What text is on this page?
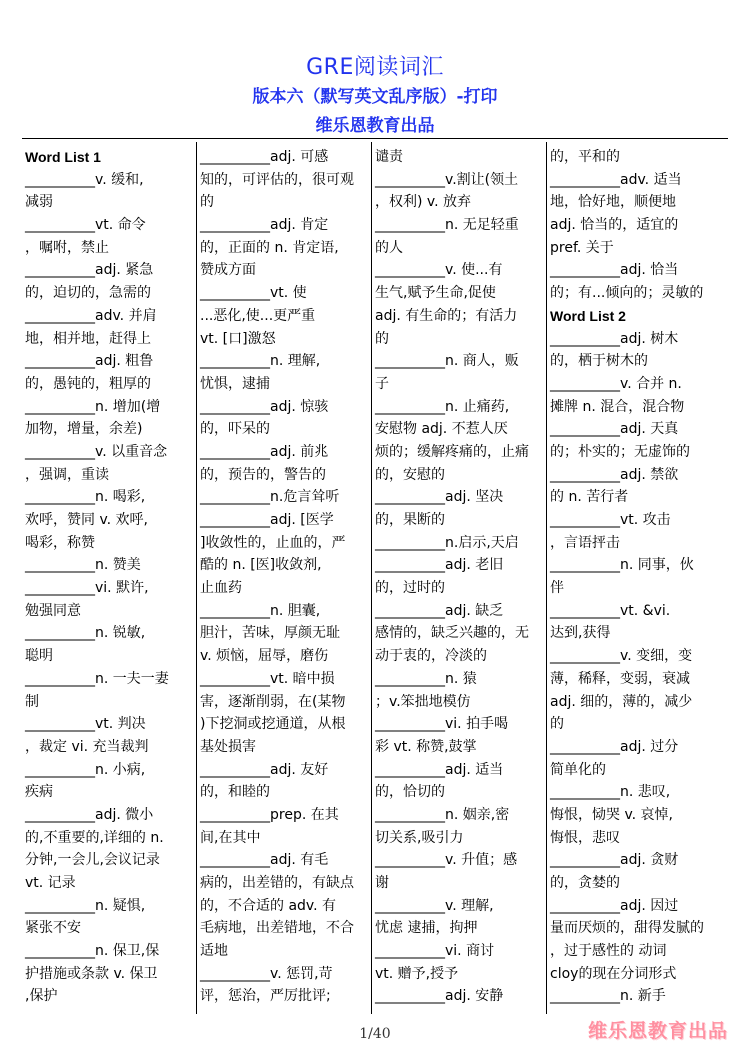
GRE阅读词汇
版本六（默写英文乱序版）-打印
维乐恩教育出品
Word List 1
__________v. 缓和,
减弱
__________vt. 命令
，嘱咐，禁止
__________adj. 紧急
的，迫切的，急需的
__________adv. 并肩
地，相并地，赶得上
__________adj. 粗鲁
的，愚钝的，粗厚的
__________n. 增加(增
加物，增量，余差)
__________v. 以重音念
，强调，重读
__________n. 喝彩,
欢呼，赞同 v. 欢呼,
喝彩，称赞
__________n. 赞美
__________vi. 默许,
勉强同意
__________n. 锐敏,
聪明
__________n. 一夫一妻
制
__________vt. 判决
，裁定 vi. 充当裁判
__________n. 小病,
疾病
__________adj. 微小
的,不重要的,详细的 n.
分钟,一会儿,会议记录
vt. 记录
__________n. 疑惧,
紧张不安
__________n. 保卫,保
护措施或条款 v. 保卫
,保护
__________adj. 可感
知的，可评估的，很可观
的
__________adj. 肯定
的，正面的 n. 肯定语,
赞成方面
__________vt. 使
...恶化,使...更严重
vt. [口]激怒
__________n. 理解,
忧惧，逮捕
__________adj. 惊骇
的，吓呆的
__________adj. 前兆
的，预告的，警告的
__________n.危言耸听
__________adj. [医学
]收敛性的，止血的，严
酷的 n. [医]收敛剂,
止血药
__________n. 胆囊,
胆汁，苦味，厚颜无耻
v. 烦恼，屈辱，磨伤
__________vt. 暗中损
害，逐渐削弱，在(某物
)下挖洞或挖通道，从根
基处损害
__________adj. 友好
的，和睦的
__________prep. 在其
间,在其中
__________adj. 有毛
病的，出差错的，有缺点
的，不合适的 adv. 有
毛病地，出差错地，不合
适地
__________v. 惩罚,苛
评，惩治，严厉批评;
谴责
__________v.割让(领土
，权利) v. 放弃
__________n. 无足轻重
的人
__________v. 使...有
生气,赋予生命,促使
adj. 有生命的；有活力
的
__________n. 商人，贩
子
__________n. 止痛药,
安慰物 adj. 不惹人厌
烦的；缓解疼痛的，止痛
的，安慰的
__________adj. 坚决
的，果断的
__________n.启示,天启
__________adj. 老旧
的，过时的
__________adj. 缺乏
感情的，缺乏兴趣的，无
动于衷的，冷淡的
__________n. 猿
；v.笨拙地模仿
__________vi. 拍手喝
彩 vt. 称赞,鼓掌
__________adj. 适当
的，恰切的
__________n. 姻亲,密
切关系,吸引力
__________v. 升值；感
谢
__________v. 理解,
忧虑 逮捕，拘押
__________vi. 商讨
vt. 赠予,授予
__________adj. 安静
的，平和的
__________adv. 适当
地，恰好地，顺便地
adj. 恰当的，适宜的
pref. 关于
__________adj. 恰当
的；有...倾向的；灵敏的
Word List 2
__________adj. 树木
的，栖于树木的
__________v. 合并 n.
摊牌 n. 混合，混合物
__________adj. 天真
的；朴实的；无虚饰的
__________adj. 禁欲
的 n. 苦行者
__________vt. 攻击
，言语抨击
__________n. 同事，伙
伴
__________vt. &vi.
达到,获得
__________v. 变细，变
薄，稀释，变弱，衰减
adj. 细的，薄的，减少
的
__________adj. 过分
简单化的
__________n. 悲叹,
悔恨，恸哭 v. 哀悼,
悔恨，悲叹
__________adj. 贪财
的，贪婪的
__________adj. 因过
量而厌烦的，甜得发腻的
，过于感性的 动词
cloy的现在分词形式
__________n. 新手
1/40	维乐恩教育出品
